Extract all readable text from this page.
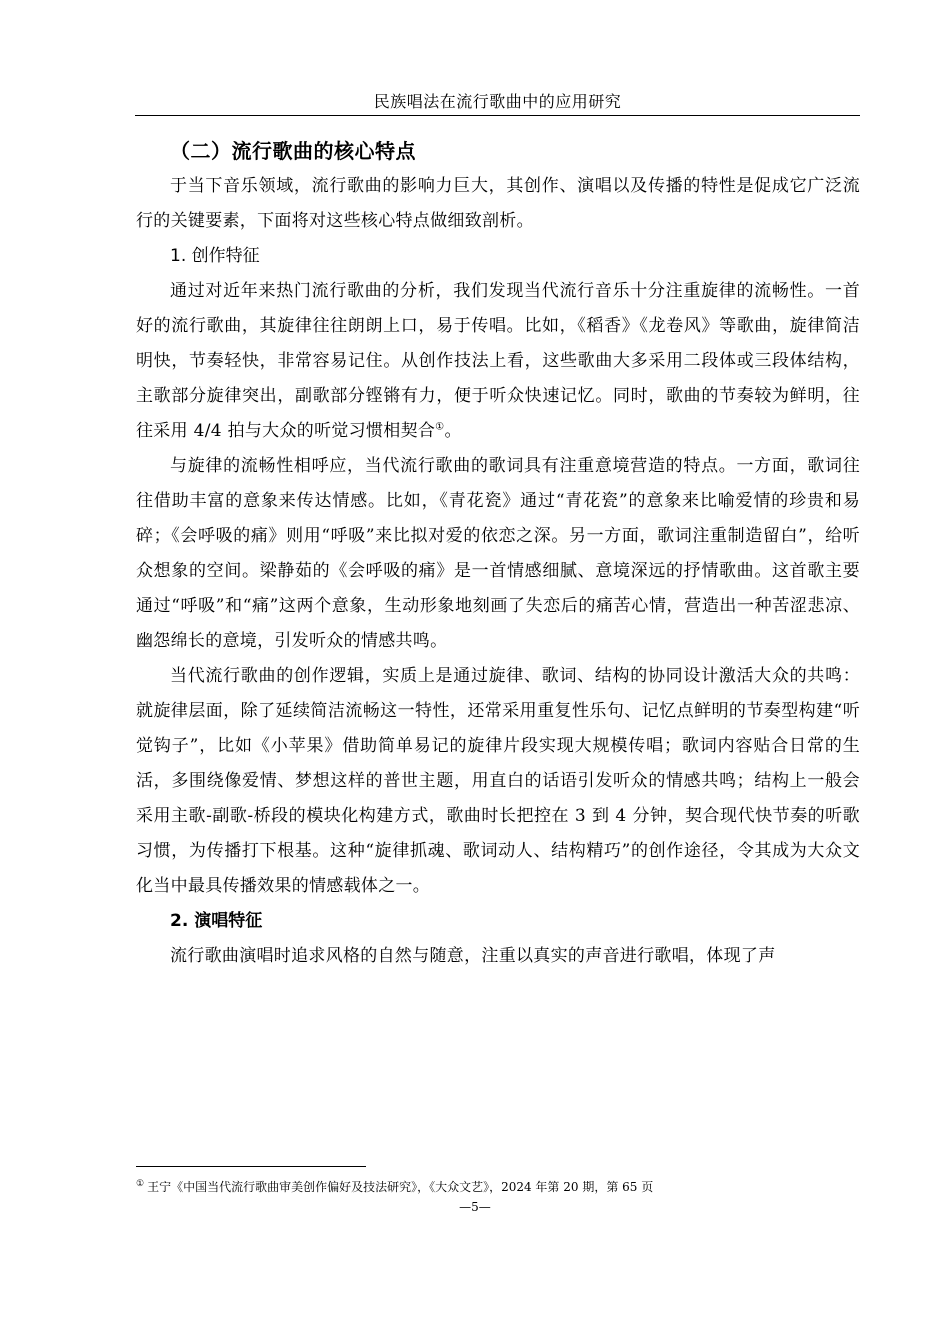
民族唱法在流行歌曲中的应用研究
（二）流行歌曲的核心特点

于当下音乐领域，流行歌曲的影响力巨大，其创作、演唱以及传播的特性是促成它广泛流行的关键要素，下面将对这些核心特点做细致剖析。

1. 创作特征

通过对近年来热门流行歌曲的分析，我们发现当代流行音乐十分注重旋律的流畅性。一首好的流行歌曲，其旋律往往朗朗上口，易于传唱。比如，《稻香》《龙卷风》等歌曲，旋律简洁明快，节奏轻快，非常容易记住。从创作技法上看，这些歌曲大多采用二段体或三段体结构，主歌部分旋律突出，副歌部分铿锵有力，便于听众快速记忆。同时，歌曲的节奏较为鲜明，往往采用 4/4 拍与大众的听觉习惯相契合①。

与旋律的流畅性相呼应，当代流行歌曲的歌词具有注重意境营造的特点。一方面，歌词往往借助丰富的意象来传达情感。比如，《青花瓷》通过“青花瓷”的意象来比喻爱情的珍贵和易碎；《会呼吸的痛》则用“呼吸”来比拟对爱的依恋之深。另一方面，歌词注重制造留白”，给听众想象的空间。梁静茹的《会呼吸的痛》是一首情感细腻、意境深远的抒情歌曲。这首歌主要通过“呼吸”和“痛”这两个意象，生动形象地刻画了失恋后的痛苦心情，营造出一种苦涩悲凉、幽怨绵长的意境，引发听众的情感共鸣。

当代流行歌曲的创作逻辑，实质上是通过旋律、歌词、结构的协同设计激活大众的共鸣：就旋律层面，除了延续简洁流畅这一特性，还常采用重复性乐句、记忆点鲜明的节奏型构建“听觉钩子”，比如《小苹果》借助简单易记的旋律片段实现大规模传唱；歌词内容贴合日常的生活，多围绕像爱情、梦想这样的普世主题，用直白的话语引发听众的情感共鸣；结构上一般会采用主歌-副歌-桥段的模块化构建方式，歌曲时长把控在 3 到 4 分钟，契合现代快节奏的听歌习惯，为传播打下根基。这种“旋律抓魂、歌词动人、结构精巧”的创作途径，令其成为大众文化当中最具传播效果的情感载体之一。

2. 演唱特征

流行歌曲演唱时追求风格的自然与随意，注重以真实的声音进行歌唱，体现了声

① 王宁《中国当代流行歌曲审美创作偏好及技法研究》，《大众文艺》，2024 年第 20 期，第 65 页
—5—
